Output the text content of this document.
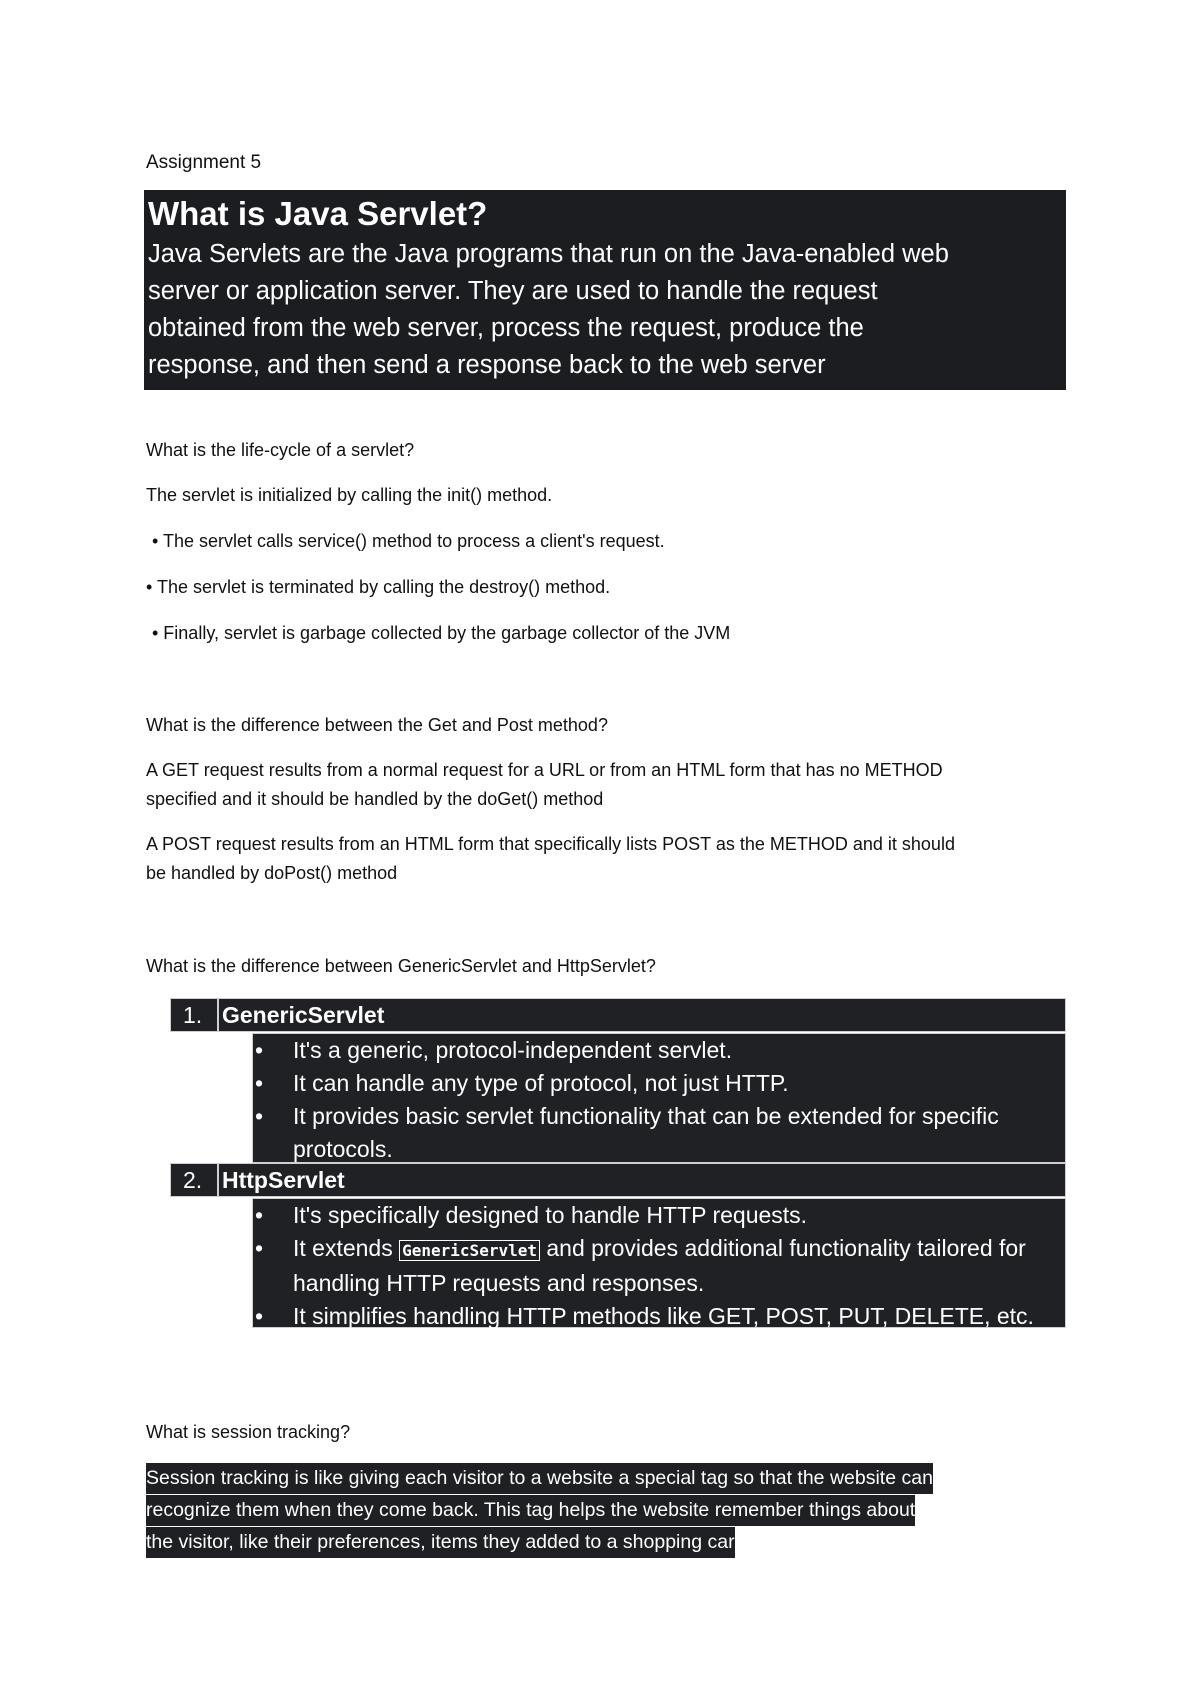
Assignment 5
What is Java Servlet?

Java Servlets are the Java programs that run on the Java-enabled web

server or application server. They are used to handle the request

obtained from the web server, process the request, produce the

response, and then send a response back to the web server

What is the life-cycle of a servlet?
The servlet is initialized by calling the init() method.
• The servlet calls service() method to process a client's request.
• The servlet is terminated by calling the destroy() method.
• Finally, servlet is garbage collected by the garbage collector of the JVM
What is the difference between the Get and Post method?
A GET request results from a normal request for a URL or from an HTML form that has no METHOD
specified and it should be handled by the doGet() method
A POST request results from an HTML form that specifically lists POST as the METHOD and it should
be handled by doPost() method
What is the difference between GenericServlet and HttpServlet?
1. GenericServlet
• It's a generic, protocol-independent servlet.
• It can handle any type of protocol, not just HTTP.
• It provides basic servlet functionality that can be extended for specific protocols.
2. HttpServlet
• It's specifically designed to handle HTTP requests.
• It extends GenericServlet and provides additional functionality tailored for handling HTTP requests and responses.
• It simplifies handling HTTP methods like GET, POST, PUT, DELETE, etc.
What is session tracking?
Session tracking is like giving each visitor to a website a special tag so that the website can
recognize them when they come back. This tag helps the website remember things about
the visitor, like their preferences, items they added to a shopping car
